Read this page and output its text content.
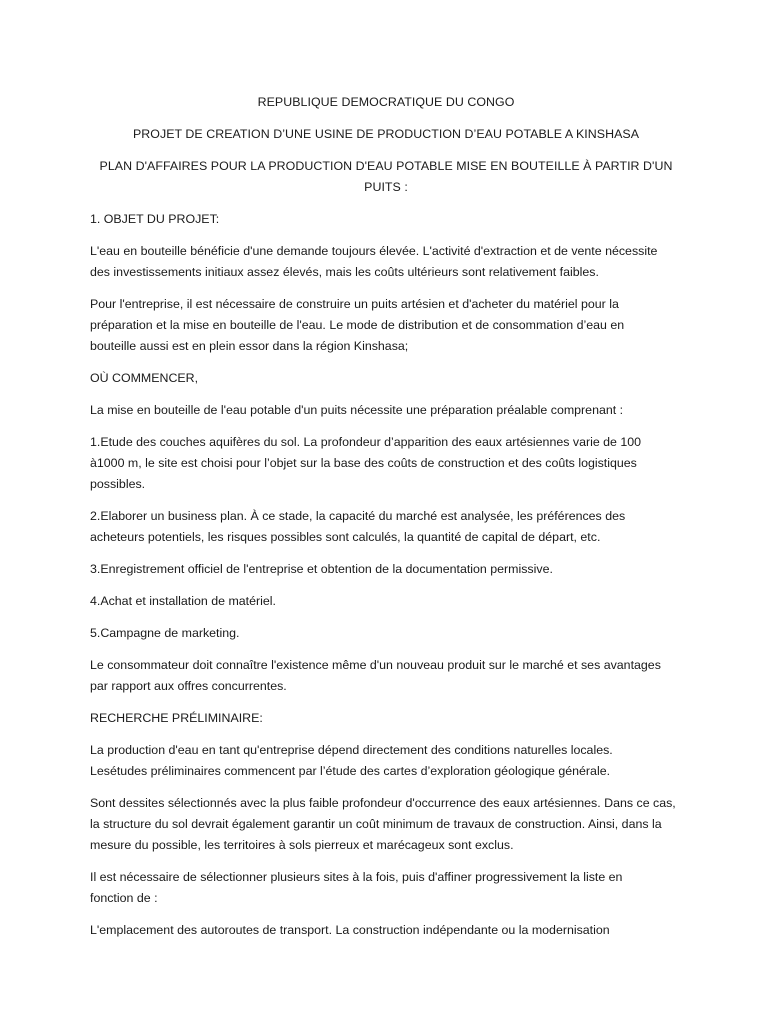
REPUBLIQUE DEMOCRATIQUE DU CONGO

PROJET DE CREATION D’UNE USINE DE PRODUCTION D’EAU POTABLE A KINSHASA

PLAN D'AFFAIRES POUR LA PRODUCTION D'EAU POTABLE MISE EN BOUTEILLE À PARTIR D'UN PUITS :

1. OBJET DU PROJET:

L'eau en bouteille bénéficie d'une demande toujours élevée. L'activité d'extraction et de vente nécessite
des investissements initiaux assez élevés, mais les coûts ultérieurs sont relativement faibles.

Pour l'entreprise, il est nécessaire de construire un puits artésien et d'acheter du matériel pour la
préparation et la mise en bouteille de l'eau. Le mode de distribution et de consommation d’eau en
bouteille aussi est en plein essor dans la région Kinshasa;

OÙ COMMENCER,

La mise en bouteille de l'eau potable d'un puits nécessite une préparation préalable comprenant :

1.Etude des couches aquifères du sol. La profondeur d’apparition des eaux artésiennes varie de 100
à1000 m, le site est choisi pour l’objet sur la base des coûts de construction et des coûts logistiques
possibles.

2.Elaborer un business plan. À ce stade, la capacité du marché est analysée, les préférences des
acheteurs potentiels, les risques possibles sont calculés, la quantité de capital de départ, etc.

3.Enregistrement officiel de l'entreprise et obtention de la documentation permissive.

4.Achat et installation de matériel.

5.Campagne de marketing.

Le consommateur doit connaître l'existence même d'un nouveau produit sur le marché et ses avantages
par rapport aux offres concurrentes.

RECHERCHE PRÉLIMINAIRE:

La production d'eau en tant qu'entreprise dépend directement des conditions naturelles locales.
Lesétudes préliminaires commencent par l’étude des cartes d’exploration géologique générale.

Sont dessites sélectionnés avec la plus faible profondeur d'occurrence des eaux artésiennes. Dans ce cas,
la structure du sol devrait également garantir un coût minimum de travaux de construction. Ainsi, dans la
mesure du possible, les territoires à sols pierreux et marécageux sont exclus.

Il est nécessaire de sélectionner plusieurs sites à la fois, puis d'affiner progressivement la liste en
fonction de :

L'emplacement des autoroutes de transport. La construction indépendante ou la modernisation
